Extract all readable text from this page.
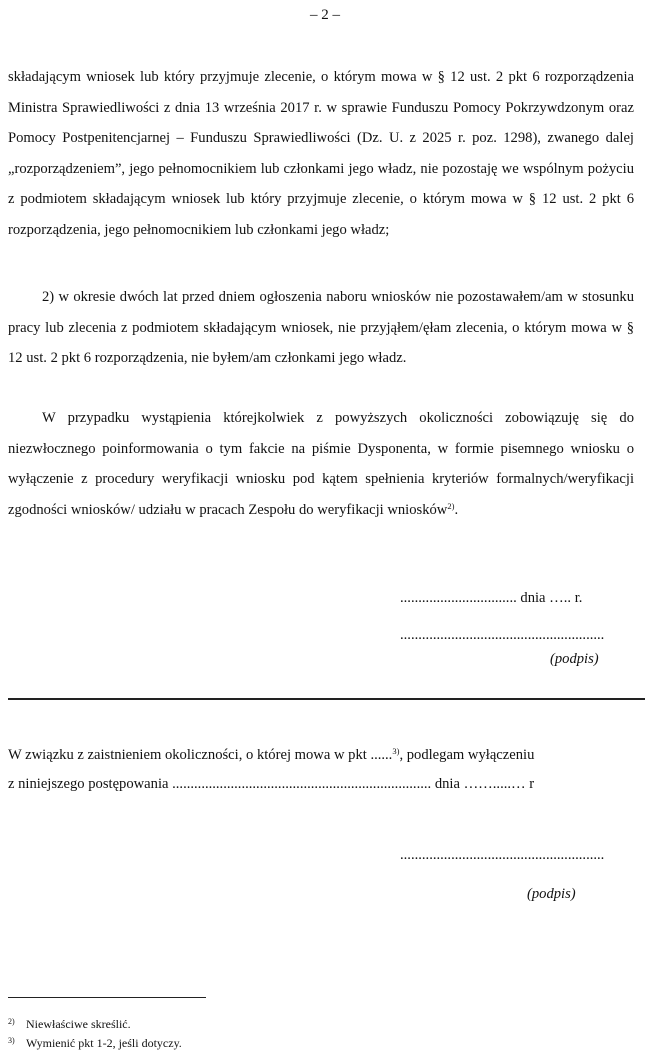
– 2 –
składającym wniosek lub który przyjmuje zlecenie, o którym mowa w § 12 ust. 2 pkt 6 rozporządzenia Ministra Sprawiedliwości z dnia 13 września 2017 r. w sprawie Funduszu Pomocy Pokrzywdzonym oraz Pomocy Postpenitencjarnej – Funduszu Sprawiedliwości (Dz. U. z 2025 r. poz. 1298), zwanego dalej „rozporządzeniem”, jego pełnomocnikiem lub członkami jego władz, nie pozostaję we wspólnym pożyciu z podmiotem składającym wniosek lub który przyjmuje zlecenie, o którym mowa w § 12 ust. 2 pkt 6 rozporządzenia, jego pełnomocnikiem lub członkami jego władz;
2) w okresie dwóch lat przed dniem ogłoszenia naboru wniosków nie pozostawałem/am w stosunku pracy lub zlecenia z podmiotem składającym wniosek, nie przyjąłem/ęłam zlecenia, o którym mowa w § 12 ust. 2 pkt 6 rozporządzenia, nie byłem/am członkami jego władz.
W przypadku wystąpienia którejkolwiek z powyższych okoliczności zobowiązuję się do niezwłocznego poinformowania o tym fakcie na piśmie Dysponenta, w formie pisemnego wniosku o wyłączenie z procedury weryfikacji wniosku pod kątem spełnienia kryteriów formalnych/weryfikacji zgodności wniosków/ udziału w pracach Zespołu do weryfikacji wniosków$^{2)}$.
................................ dnia ….. r.
........................................................
(podpis)
W związku z zaistnieniem okoliczności, o której mowa w pkt ......$^{3)}$, podlegam wyłączeniu
z niniejszego postępowania ....................................................................... dnia …….....… r
........................................................
(podpis)
2) Niewłaściwe skreślić.
3) Wymienić pkt 1-2, jeśli dotyczy.
